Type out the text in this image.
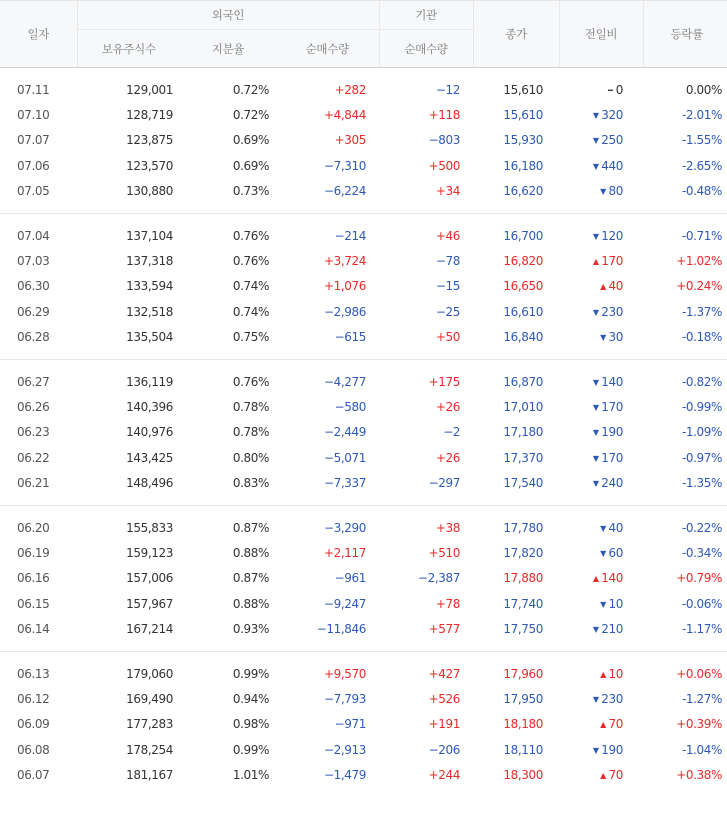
일자	외국인			기관	종가	전일비	등락률
	보유주식수	지분율	순매수량	순매수량			

07.11	129,001	0.72%	+282	−12	15,610	━ 0	0.00%
07.10	128,719	0.72%	+4,844	+118	15,610	▼ 320	-2.01%
07.07	123,875	0.69%	+305	−803	15,930	▼ 250	-1.55%
07.06	123,570	0.69%	−7,310	+500	16,180	▼ 440	-2.65%
07.05	130,880	0.73%	−6,224	+34	16,620	▼ 80	-0.48%

07.04	137,104	0.76%	−214	+46	16,700	▼ 120	-0.71%
07.03	137,318	0.76%	+3,724	−78	16,820	▲ 170	+1.02%
06.30	133,594	0.74%	+1,076	−15	16,650	▲ 40	+0.24%
06.29	132,518	0.74%	−2,986	−25	16,610	▼ 230	-1.37%
06.28	135,504	0.75%	−615	+50	16,840	▼ 30	-0.18%

06.27	136,119	0.76%	−4,277	+175	16,870	▼ 140	-0.82%
06.26	140,396	0.78%	−580	+26	17,010	▼ 170	-0.99%
06.23	140,976	0.78%	−2,449	−2	17,180	▼ 190	-1.09%
06.22	143,425	0.80%	−5,071	+26	17,370	▼ 170	-0.97%
06.21	148,496	0.83%	−7,337	−297	17,540	▼ 240	-1.35%

06.20	155,833	0.87%	−3,290	+38	17,780	▼ 40	-0.22%
06.19	159,123	0.88%	+2,117	+510	17,820	▼ 60	-0.34%
06.16	157,006	0.87%	−961	−2,387	17,880	▲ 140	+0.79%
06.15	157,967	0.88%	−9,247	+78	17,740	▼ 10	-0.06%
06.14	167,214	0.93%	−11,846	+577	17,750	▼ 210	-1.17%

06.13	179,060	0.99%	+9,570	+427	17,960	▲ 10	+0.06%
06.12	169,490	0.94%	−7,793	+526	17,950	▼ 230	-1.27%
06.09	177,283	0.98%	−971	+191	18,180	▲ 70	+0.39%
06.08	178,254	0.99%	−2,913	−206	18,110	▼ 190	-1.04%
06.07	181,167	1.01%	−1,479	+244	18,300	▲ 70	+0.38%
